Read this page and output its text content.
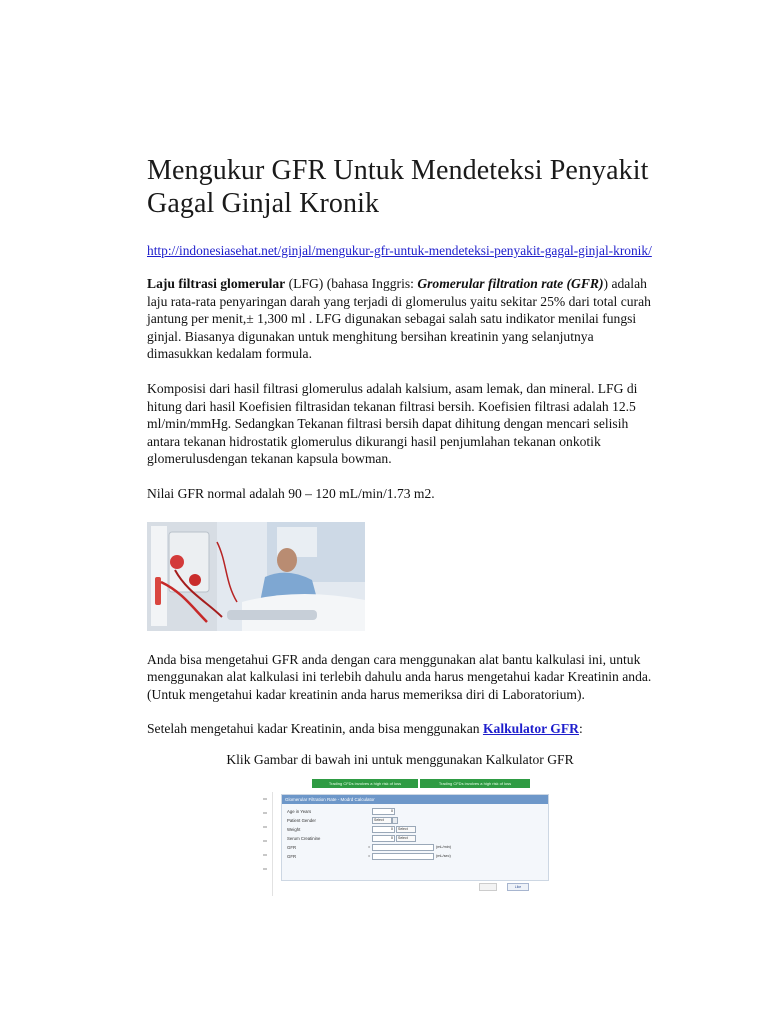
Mengukur GFR Untuk Mendeteksi Penyakit Gagal Ginjal Kronik
http://indonesiasehat.net/ginjal/mengukur-gfr-untuk-mendeteksi-penyakit-gagal-ginjal-kronik/

Laju filtrasi glomerular (LFG) (bahasa Inggris: Gromerular filtration rate (GFR)) adalah laju rata-rata penyaringan darah yang terjadi di glomerulus yaitu sekitar 25% dari total curah jantung per menit,± 1,300 ml . LFG digunakan sebagai salah satu indikator menilai fungsi ginjal. Biasanya digunakan untuk menghitung bersihan kreatinin yang selanjutnya dimasukkan kedalam formula.

Komposisi dari hasil filtrasi glomerulus adalah kalsium, asam lemak, dan mineral. LFG di hitung dari hasil Koefisien filtrasidan tekanan filtrasi bersih. Koefisien filtrasi adalah 12.5 ml/min/mmHg. Sedangkan Tekanan filtrasi bersih dapat dihitung dengan mencari selisih antara tekanan hidrostatik glomerulus dikurangi hasil penjumlahan tekanan onkotik glomerulusdengan tekanan kapsula bowman.

Nilai GFR normal adalah 90 – 120 mL/min/1.73 m2.

Anda bisa mengetahui GFR anda dengan cara menggunakan alat bantu kalkulasi ini, untuk menggunakan alat kalkulasi ini terlebih dahulu anda harus mengetahui kadar Kreatinin anda. (Untuk mengetahui kadar kreatinin anda harus memeriksa diri di Laboratorium).

Setelah mengetahui kadar Kreatinin, anda bisa menggunakan Kalkulator GFR:

Klik Gambar di bawah ini untuk menggunakan Kalkulator GFR

Trading CFDs involves a high risk of loss	Trading CFDs involves a high risk of loss
Glomerular Filtration Rate - Modrd Calculator
Age in Years	0
Patient Gender	Select
Weight	0	Select
Serum Creatinine	0	Select
GFR	=	(mL/min)
GFR	=	(mL/sec)
Like
